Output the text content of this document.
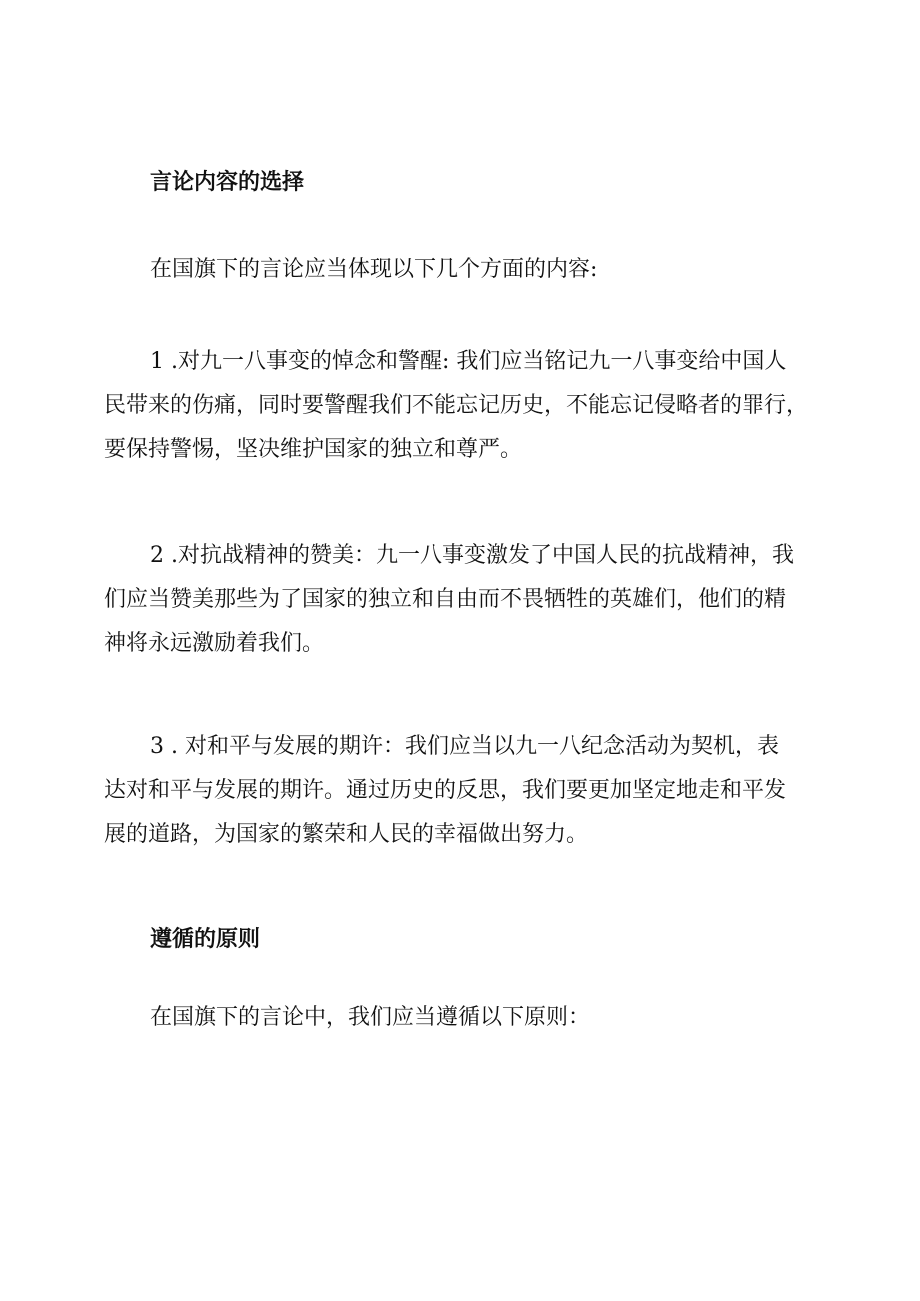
言论内容的选择
在国旗下的言论应当体现以下几个方面的内容:
1 .对九一八事变的悼念和警醒: 我们应当铭记九一八事变给中国人
民带来的伤痛，同时要警醒我们不能忘记历史，不能忘记侵略者的罪行，
要保持警惕，坚决维护国家的独立和尊严。
2 .对抗战精神的赞美：九一八事变激发了中国人民的抗战精神，我
们应当赞美那些为了国家的独立和自由而不畏牺牲的英雄们，他们的精
神将永远激励着我们。
3 . 对和平与发展的期许：我们应当以九一八纪念活动为契机，表
达对和平与发展的期许。通过历史的反思，我们要更加坚定地走和平发
展的道路，为国家的繁荣和人民的幸福做出努力。
遵循的原则
在国旗下的言论中，我们应当遵循以下原则：
